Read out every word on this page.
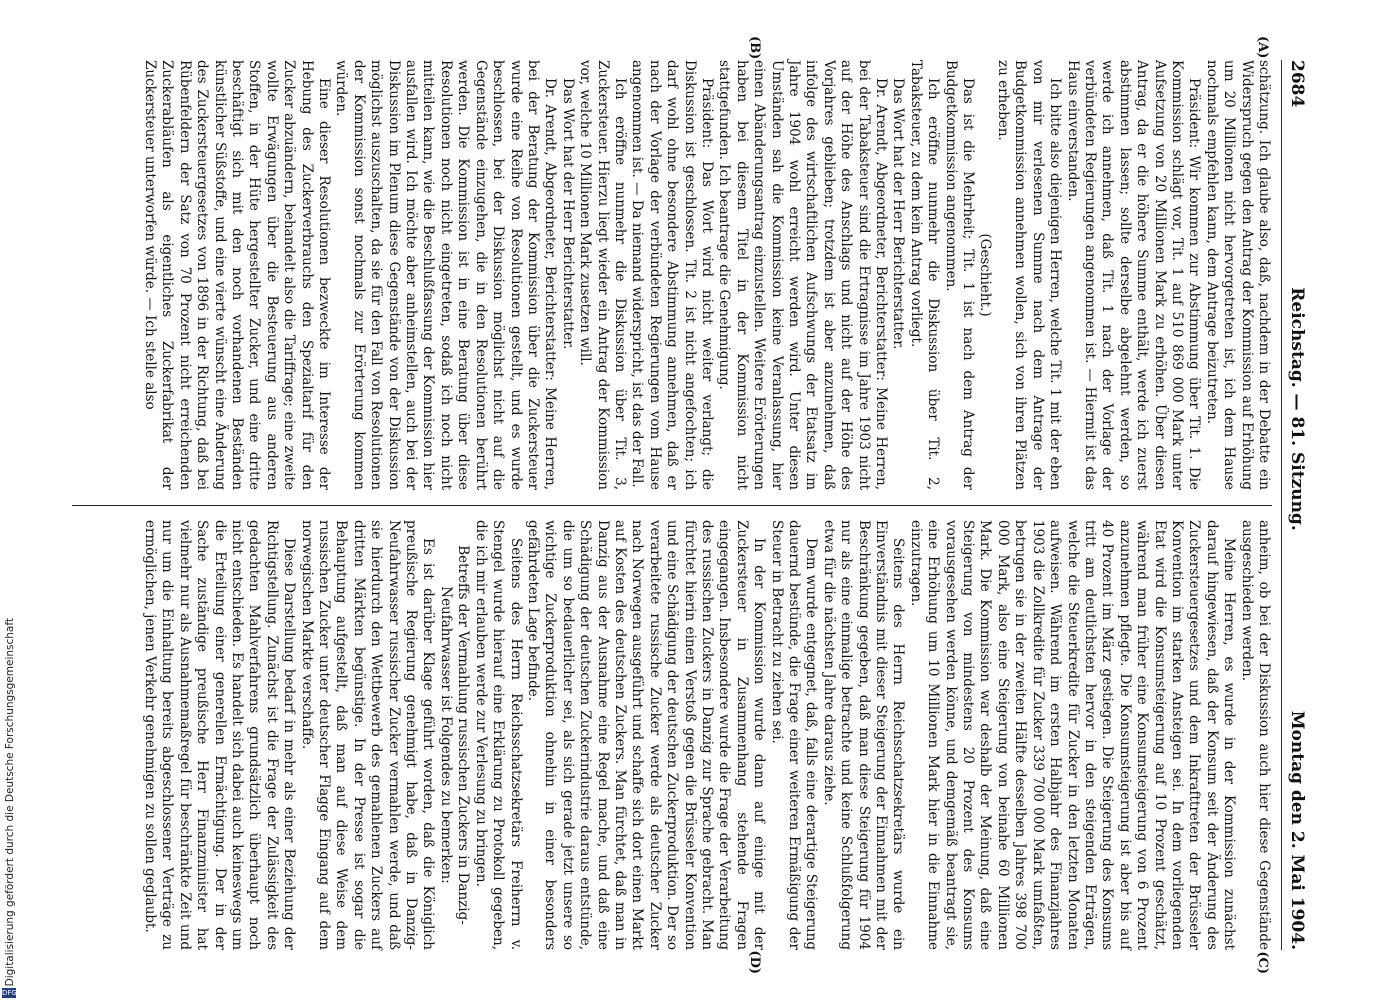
2684
Reichstag. — 81. Sitzung.
Montag den 2. Mai 1904.
(A)
(B)
(C)
(D)

schätzung. Ich glaube also, daß, nachdem in der Debatte ein Widerspruch gegen den Antrag der Kommission auf Erhöhung um 20 Millionen nicht hervorgetreten ist, ich dem Hause nochmals empfehlen kann, dem Antrage beizutreten.

Präsident: Wir kommen zur Abstimmung über Tit. 1. Die Kommission schlägt vor, Tit. 1 auf 510 869 000 Mark unter Aufsetzung von 20 Millionen Mark zu erhöhen. Über diesen Antrag, da er die höhere Summe enthält, werde ich zuerst abstimmen lassen; sollte derselbe abgelehnt werden, so werde ich annehmen, daß Tit. 1 nach der Vorlage der verbündeten Regierungen angenommen ist. — Hiermit ist das Haus einverstanden.

Ich bitte also diejenigen Herren, welche Tit. 1 mit der eben von mir verlesenen Summe nach dem Antrage der Budgetkommission annehmen wollen, sich von ihren Plätzen zu erheben.

(Geschieht.)

Das ist die Mehrheit; Tit. 1 ist nach dem Antrag der Budgetkommission angenommen.

Ich eröffne nunmehr die Diskussion über Tit. 2, Tabaksteuer, zu dem kein Antrag vorliegt.

Das Wort hat der Herr Berichterstatter.

Dr. Arendt, Abgeordneter, Berichterstatter: Meine Herren, bei der Tabaksteuer sind die Ertragnisse im Jahre 1903 nicht auf der Höhe des Anschlags und nicht auf der Höhe des Vorjahres geblieben; trotzdem ist aber anzunehmen, daß infolge des wirtschaftlichen Aufschwungs der Etatsatz im Jahre 1904 wohl erreicht werden wird. Unter diesen Umständen sah die Kommission keine Veranlassung, hier einen Abänderungsantrag einzustellen. Weitere Erörterungen haben bei diesem Titel in der Kommission nicht stattgefunden. Ich beantrage die Genehmigung.

Präsident: Das Wort wird nicht weiter verlangt; die Diskussion ist geschlossen. Tit. 2 ist nicht angefochten; ich darf wohl ohne besondere Abstimmung annehmen, daß er nach der Vorlage der verbündeten Regierungen vom Hause angenommen ist. — Da niemand widerspricht, ist das der Fall.

Ich eröffne nunmehr die Diskussion über Tit. 3, Zuckersteuer. Hierzu liegt wieder ein Antrag der Kommission vor, welche 10 Millionen Mark zusetzen will.

Das Wort hat der Herr Berichterstatter.

Dr. Arendt, Abgeordneter, Berichterstatter: Meine Herren, bei der Beratung der Kommission über die Zuckersteuer wurde eine Reihe von Resolutionen gestellt, und es wurde beschlossen, bei der Diskussion möglichst nicht auf die Gegenstände einzugehen, die in den Resolutionen berührt werden. Die Kommission ist in eine Beratung über diese Resolutionen noch nicht eingetreten, sodaß ich noch nicht mitteilen kann, wie die Beschlußfassung der Kommission hier ausfallen wird. Ich möchte aber anheimstellen, auch bei der Diskussion im Plenum diese Gegenstände von der Diskussion möglichst auszuschalten, da sie für den Fall von Resolutionen der Kommission sonst nochmals zur Erörterung kommen würden.

Eine dieser Resolutionen bezweckte im Interesse der Hebung des Zuckerverbrauchs den Spezialtarif für den Zucker abzuändern, behandelt also die Tariffrage; eine zweite wollte Erwägungen über die Besteuerung aus anderen Stoffen, in der Hüte hergestellter Zucker, und eine dritte beschäftigt sich mit den noch vorhandenen Beständen künstlicher Süßstoffe, und eine vierte wünscht eine Änderung des Zuckersteuergesetzes von 1896 in der Richtung, daß bei Rübenfeldern der Satz von 70 Prozent nicht erreichenden Zuckerabläufen als eigentliches Zuckerfabrikat der Zuckersteuer unterworfen würde. — Ich stelle also

anheim, ob bei der Diskussion auch hier diese Gegenstände ausgeschieden werden.

Meine Herren, es wurde in der Kommission zunächst darauf hingewiesen, daß der Konsum seit der Änderung des Zuckersteuergesetzes und dem Inkrafttreten der Brüsseler Konvention im starken Ansteigen sei. In dem vorliegenden Etat wird die Konsumsteigerung auf 10 Prozent geschätzt, während man früher eine Konsumsteigerung von 6 Prozent anzunehmen pflegte. Die Konsumsteigerung ist aber bis auf 40 Prozent im März gestiegen. Die Steigerung des Konsums tritt am deutlichsten hervor in den steigenden Erträgen, welche die Steuerkredite für Zucker in den letzten Monaten aufweisen. Während im ersten Halbjahr des Finanzjahres 1903 die Zollkredite für Zucker 339 700 000 Mark umfaßten, betrugen sie in der zweiten Hälfte desselben Jahres 398 700 000 Mark, also eine Steigerung von beinahe 60 Millionen Mark. Die Kommission war deshalb der Meinung, daß eine Steigerung von mindestens 20 Prozent des Konsums vorausgesehen werden könne, und demgemäß beantragt sie, eine Erhöhung um 10 Millionen Mark hier in die Einnahme einzutragen.

Seitens des Herrn Reichsschatzsekretärs wurde ein Einverständnis mit dieser Steigerung der Einnahmen mit der Beschränkung gegeben, daß man diese Steigerung für 1904 nur als eine einmalige betrachte und keine Schlußfolgerung etwa für die nächsten Jahre daraus ziehe.

Dem wurde entgegnet, daß, falls eine derartige Steigerung dauernd bestünde, die Frage einer weiteren Ermäßigung der Steuer in Betracht zu ziehen sei.

In der Kommission wurde dann auf einige mit der Zuckersteuer in Zusammenhang stehende Fragen eingegangen. Insbesondere wurde die Frage der Verarbeitung des russischen Zuckers in Danzig zur Sprache gebracht. Man fürchtet hierin einen Verstoß gegen die Brüsseler Konvention und eine Schädigung der deutschen Zuckerproduktion. Der so verarbeitete russische Zucker werde als deutscher Zucker nach Norwegen ausgeführt und schaffe sich dort einen Markt auf Kosten des deutschen Zuckers. Man fürchtet, daß man in Danzig aus der Ausnahme eine Regel mache, und daß eine Schädigung der deutschen Zuckerindustrie daraus entstünde, die um so bedauerlicher sei, als sich gerade jetzt unsere so wichtige Zuckerproduktion ohnehin in einer besonders gefährdeten Lage befinde.

Seitens des Herrn Reichsschatzsekretärs Freiherrn v. Stengel wurde hierauf eine Erklärung zu Protokoll gegeben, die ich mir erlauben werde zur Verlesung zu bringen.

Betreffs der Vermahlung russischen Zuckers in Danzig-Neufahrwasser ist Folgendes zu bemerken:

Es ist darüber Klage geführt worden, daß die Königlich preußische Regierung genehmigt habe, daß in Danzig-Neufahrwasser russischer Zucker vermahlen werde, und daß sie hierdurch den Wettbewerb des gemahlenen Zuckers auf dritten Märkten begünstige. In der Presse ist sogar die Behauptung aufgestellt, daß man auf diese Weise dem russischen Zucker unter deutscher Flagge Eingang auf dem norwegischen Markte verschaffe.

Diese Darstellung bedarf in mehr als einer Beziehung der Richtigstellung. Zunächst ist die Frage der Zulässigkeit des gedachten Mahlverfahrens grundsätzlich überhaupt noch nicht entschieden. Es handelt sich dabei auch keineswegs um die Erteilung einer generellen Ermächtigung. Der in der Sache zuständige preußische Herr Finanzminister hat vielmehr nur als Ausnahmemaßregel für beschränkte Zeit und nur um die Einhaltung bereits abgeschlossener Verträge zu ermöglichen, jenen Verkehr genehmigen zu sollen geglaubt.

Digitalisierung gefördert durch die Deutsche Forschungsgemeinschaft
DFG
